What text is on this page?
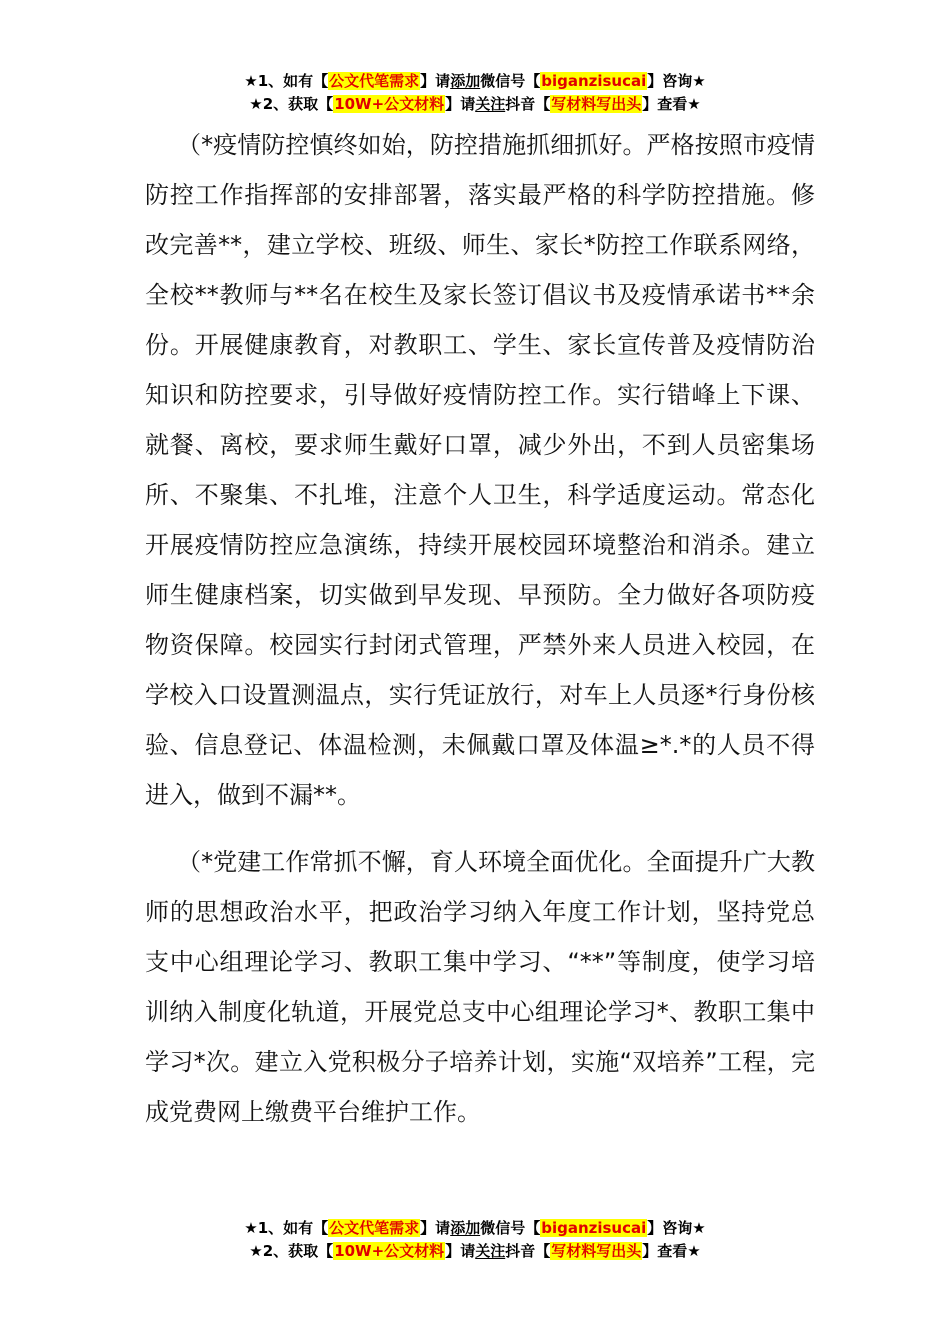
★1、如有【公文代笔需求】请添加微信号【biganzisucai】咨询★
★2、获取【10W+公文材料】请关注抖音【写材料写出头】查看★

（*疫情防控慎终如始，防控措施抓细抓好。严格按照市疫情防控工作指挥部的安排部署，落实最严格的科学防控措施。修改完善**，建立学校、班级、师生、家长*防控工作联系网络，全校**教师与**名在校生及家长签订倡议书及疫情承诺书**余份。开展健康教育，对教职工、学生、家长宣传普及疫情防治知识和防控要求，引导做好疫情防控工作。实行错峰上下课、就餐、离校，要求师生戴好口罩，减少外出，不到人员密集场所、不聚集、不扎堆，注意个人卫生，科学适度运动。常态化开展疫情防控应急演练，持续开展校园环境整治和消杀。建立师生健康档案，切实做到早发现、早预防。全力做好各项防疫物资保障。校园实行封闭式管理，严禁外来人员进入校园，在学校入口设置测温点，实行凭证放行，对车上人员逐*行身份核验、信息登记、体温检测，未佩戴口罩及体温≥*.*的人员不得进入，做到不漏**。

（*党建工作常抓不懈，育人环境全面优化。全面提升广大教师的思想政治水平，把政治学习纳入年度工作计划，坚持党总支中心组理论学习、教职工集中学习、“**”等制度，使学习培训纳入制度化轨道，开展党总支中心组理论学习*、教职工集中学习*次。建立入党积极分子培养计划，实施“双培养”工程，完成党费网上缴费平台维护工作。

★1、如有【公文代笔需求】请添加微信号【biganzisucai】咨询★
★2、获取【10W+公文材料】请关注抖音【写材料写出头】查看★
